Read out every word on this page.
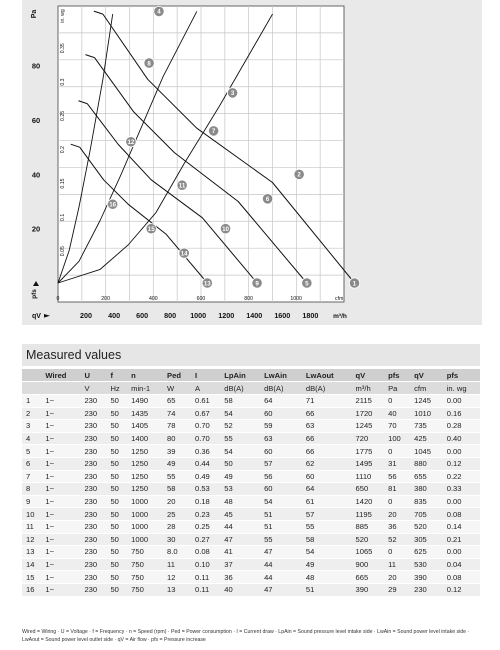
20
40
60
80
Pa
pfs
0.05
0.1
0.15
0.2
0.25
0.3
0.35
in. wg
0	200	400	600	800	1000	cfm
200 400 600 800 1000 1200 1400 1600 1800
qV	m³/h
1
2
3
4
5
6
7
8
9
10
11
12
13
14
15
16
Measured values
	Wired	U	f	n	Ped	I	LpAin	LwAin	LwAout	qV	pfs	qV	pfs
		V	Hz	min-1	W	A	dB(A)	dB(A)	dB(A)	m³/h	Pa	cfm	in. wg
1	1~	230	50	1490	65	0.61	58	64	71	2115	0	1245	0.00
2	1~	230	50	1435	74	0.67	54	60	66	1720	40	1010	0.16
3	1~	230	50	1405	78	0.70	52	59	63	1245	70	735	0.28
4	1~	230	50	1400	80	0.70	55	63	66	720	100	425	0.40
5	1~	230	50	1250	39	0.36	54	60	66	1775	0	1045	0.00
6	1~	230	50	1250	49	0.44	50	57	62	1495	31	880	0.12
7	1~	230	50	1250	55	0.49	49	56	60	1110	56	655	0.22
8	1~	230	50	1250	58	0.53	53	60	64	650	81	380	0.33
9	1~	230	50	1000	20	0.18	48	54	61	1420	0	835	0.00
10	1~	230	50	1000	25	0.23	45	51	57	1195	20	705	0.08
11	1~	230	50	1000	28	0.25	44	51	55	885	36	520	0.14
12	1~	230	50	1000	30	0.27	47	55	58	520	52	305	0.21
13	1~	230	50	750	8.0	0.08	41	47	54	1065	0	625	0.00
14	1~	230	50	750	11	0.10	37	44	49	900	11	530	0.04
15	1~	230	50	750	12	0.11	36	44	48	665	20	390	0.08
16	1~	230	50	750	13	0.11	40	47	51	390	29	230	0.12
Wired = Wiring · U = Voltage · f = Frequency · n = Speed (rpm) · Ped = Power consumption · I = Current draw · LpAin = Sound pressure level intake side · LwAin = Sound power level intake side · LwAout = Sound power level outlet side · qV = Air flow · pfs = Pressure increase
